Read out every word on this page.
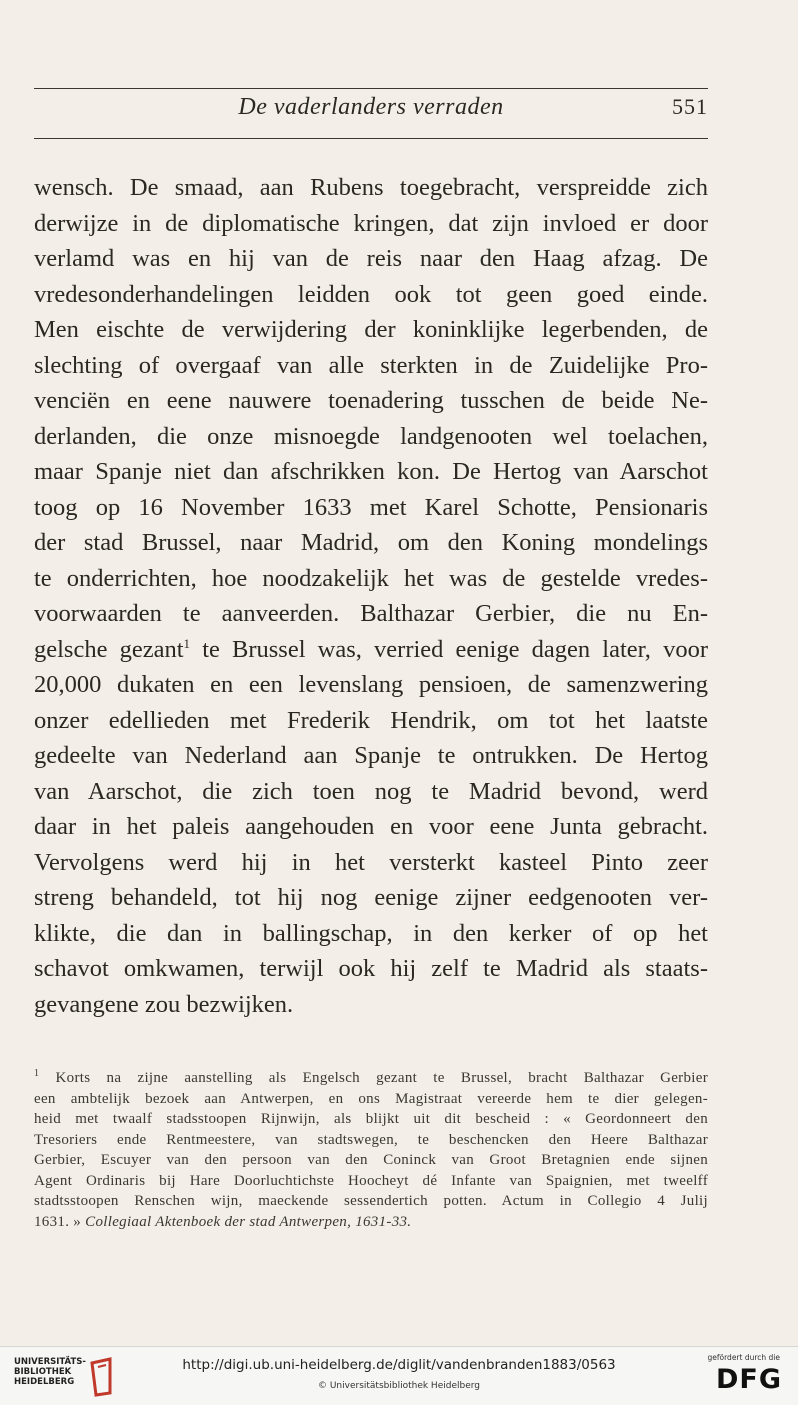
De vaderlanders verraden	551
wensch. De smaad, aan Rubens toegebracht, verspreidde zich
derwijze in de diplomatische kringen, dat zijn invloed er door
verlamd was en hij van de reis naar den Haag afzag. De
vredesonderhandelingen leidden ook tot geen goed einde.
Men eischte de verwijdering der koninklijke legerbenden, de
slechting of overgaaf van alle sterkten in de Zuidelijke Pro-
venciën en eene nauwere toenadering tusschen de beide Ne-
derlanden, die onze misnoegde landgenooten wel toelachen,
maar Spanje niet dan afschrikken kon. De Hertog van Aarschot
toog op 16 November 1633 met Karel Schotte, Pensionaris
der stad Brussel, naar Madrid, om den Koning mondelings
te onderrichten, hoe noodzakelijk het was de gestelde vredes-
voorwaarden te aanveerden. Balthazar Gerbier, die nu En-
gelsche gezant$^1$ te Brussel was, verried eenige dagen later, voor
20,000 dukaten en een levenslang pensioen, de samenzwering
onzer edellieden met Frederik Hendrik, om tot het laatste
gedeelte van Nederland aan Spanje te ontrukken. De Hertog
van Aarschot, die zich toen nog te Madrid bevond, werd
daar in het paleis aangehouden en voor eene Junta gebracht.
Vervolgens werd hij in het versterkt kasteel Pinto zeer
streng behandeld, tot hij nog eenige zijner eedgenooten ver-
klikte, die dan in ballingschap, in den kerker of op het
schavot omkwamen, terwijl ook hij zelf te Madrid als staats-
gevangene zou bezwijken.
$^1$ Korts na zijne aanstelling als Engelsch gezant te Brussel, bracht Balthazar Gerbier
een ambtelijk bezoek aan Antwerpen, en ons Magistraat vereerde hem te dier gelegen-
heid met twaalf stadsstoopen Rijnwijn, als blijkt uit dit bescheid : « Geordonneert den
Tresoriers ende Rentmeestere, van stadtswegen, te beschencken den Heere Balthazar
Gerbier, Escuyer van den persoon van den Coninck van Groot Bretagnien ende sijnen
Agent Ordinaris bij Hare Doorluchtichste Hoocheyt dé Infante van Spaignien, met tweelff
stadtsstoopen Renschen wijn, maeckende sessendertich potten. Actum in Collegio 4 Julij
1631. » Collegiaal Aktenboek der stad Antwerpen, 1631-33.
UNIVERSITÄTS-
BIBLIOTHEK
HEIDELBERG
http://digi.ub.uni-heidelberg.de/diglit/vandenbranden1883/0563
© Universitätsbibliothek Heidelberg
gefördert durch die
DFG
